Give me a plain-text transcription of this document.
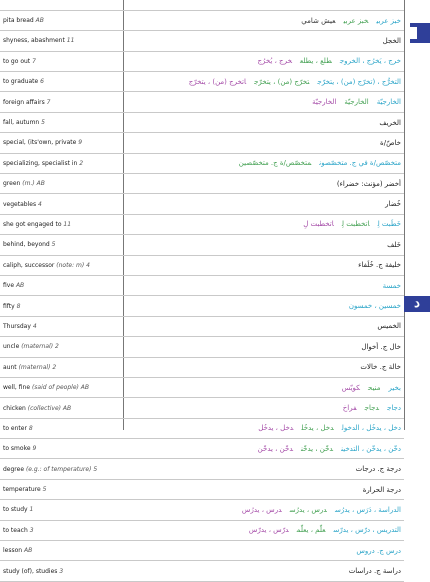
pita bread AB	خبز عربيخبز عربيعيش شامي
shyness, abashment 11	الخجل
to go out 7	خرج ، يَخرُج ، الخروجطلع ، يطلعخرج ، يُخرُج
to graduate 6	التخرُّج ، (تخرّج (من) ، يتخرّجتخرّج (من) ، يتخرّجاتخرج (من) ، يتخرّج
foreign affairs 7	الخارجيّةالخارجيّةالخارجيّة
fall, autumn 5	الخريف
special, (its'own, private 9	خاصّ/ة
specializing, specialist in 2	متخصّص/ة في ج. متخصّصونمتخصّص/ة ج. متخصّصين
green (m.) AB	أخضر (مؤنث: خضراء)
vegetables 4	خُضار
she got engaged to 11	خَطَبت لِاتخطبت لِاتخطبت لِ
behind, beyond 5	خَلف
caliph, successor (note: m) 4	خليفة ج. خُلَفاء
five AB	خمسة
fifty 8	خمسين ، خمسون
Thursday 4	الخميس
uncle (maternal) 2	خال ج. أخوال
aunt (maternal) 2	خالة ج. خالات
well, fine (said of people) AB	بخيرمنيحكويّس
chicken (collective) AB	دجاجدجاجفراخ
to enter 8	دخل ، يدخُل ، الدخولدخل ، يدخُلدخل ، يدخُل
to smoke 9	دخّن ، يدخّن ، التدخيندخّن ، يدخّندخّن ، يدخّن
degree (e.g.: of temperature) 5	درجة ج. درجات
temperature 5	درجة الحرارة
to study 1	الدراسة ، دَرَس ، يدرُسدرس ، يدرُسدرس ، يدرُس
to teach 3	التدريس ، درّس ، يدرّسعلّم ، يعلّمدرّس ، يدرّس
lesson AB	درس ج. دروس
study (of), studies 3	دراسة ج. دراسات
د
